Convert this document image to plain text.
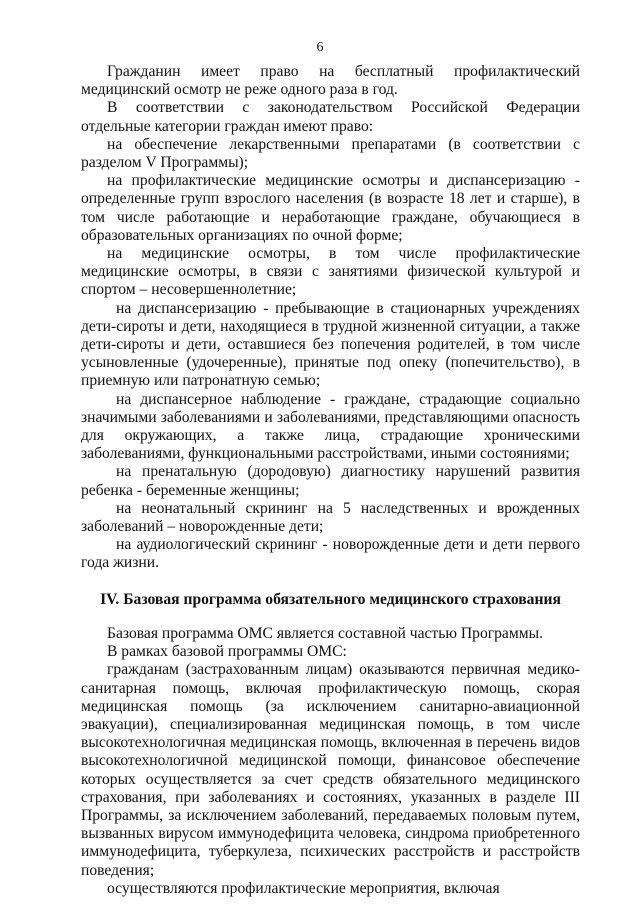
6

Гражданин имеет право на бесплатный профилактический медицинский осмотр не реже одного раза в год.

В соответствии с законодательством Российской Федерации отдельные категории граждан имеют право:

на обеспечение лекарственными препаратами (в соответствии с разделом V Программы);

на профилактические медицинские осмотры и диспансеризацию - определенные групп взрослого населения (в возрасте 18 лет и старше), в том числе работающие и неработающие граждане, обучающиеся в образовательных организациях по очной форме;

на медицинские осмотры, в том числе профилактические медицинские осмотры, в связи с занятиями физической культурой и спортом – несовершеннолетние;

на диспансеризацию - пребывающие в стационарных учреждениях дети-сироты и дети, находящиеся в трудной жизненной ситуации, а также дети-сироты и дети, оставшиеся без попечения родителей, в том числе усыновленные (удочеренные), принятые под опеку (попечительство), в приемную или патронатную семью;

на диспансерное наблюдение - граждане, страдающие социально значимыми заболеваниями и заболеваниями, представляющими опасность для окружающих, а также лица, страдающие хроническими заболеваниями, функциональными расстройствами, иными состояниями;

на пренатальную (дородовую) диагностику нарушений развития ребенка - беременные женщины;

на неонатальный скрининг на 5 наследственных и врожденных заболеваний – новорожденные дети;

на аудиологический скрининг - новорожденные дети и дети первого года жизни.

IV. Базовая программа обязательного медицинского страхования

Базовая программа ОМС является составной частью Программы.

В рамках базовой программы ОМС:

гражданам (застрахованным лицам) оказываются первичная медико-санитарная помощь, включая профилактическую помощь, скорая медицинская помощь (за исключением санитарно-авиационной эвакуации), специализированная медицинская помощь, в том числе высокотехнологичная медицинская помощь, включенная в перечень видов высокотехнологичной медицинской помощи, финансовое обеспечение которых осуществляется за счет средств обязательного медицинского страхования, при заболеваниях и состояниях, указанных в разделе III Программы, за исключением заболеваний, передаваемых половым путем, вызванных вирусом иммунодефицита человека, синдрома приобретенного иммунодефицита, туберкулеза, психических расстройств и расстройств поведения;

осуществляются профилактические мероприятия, включая
